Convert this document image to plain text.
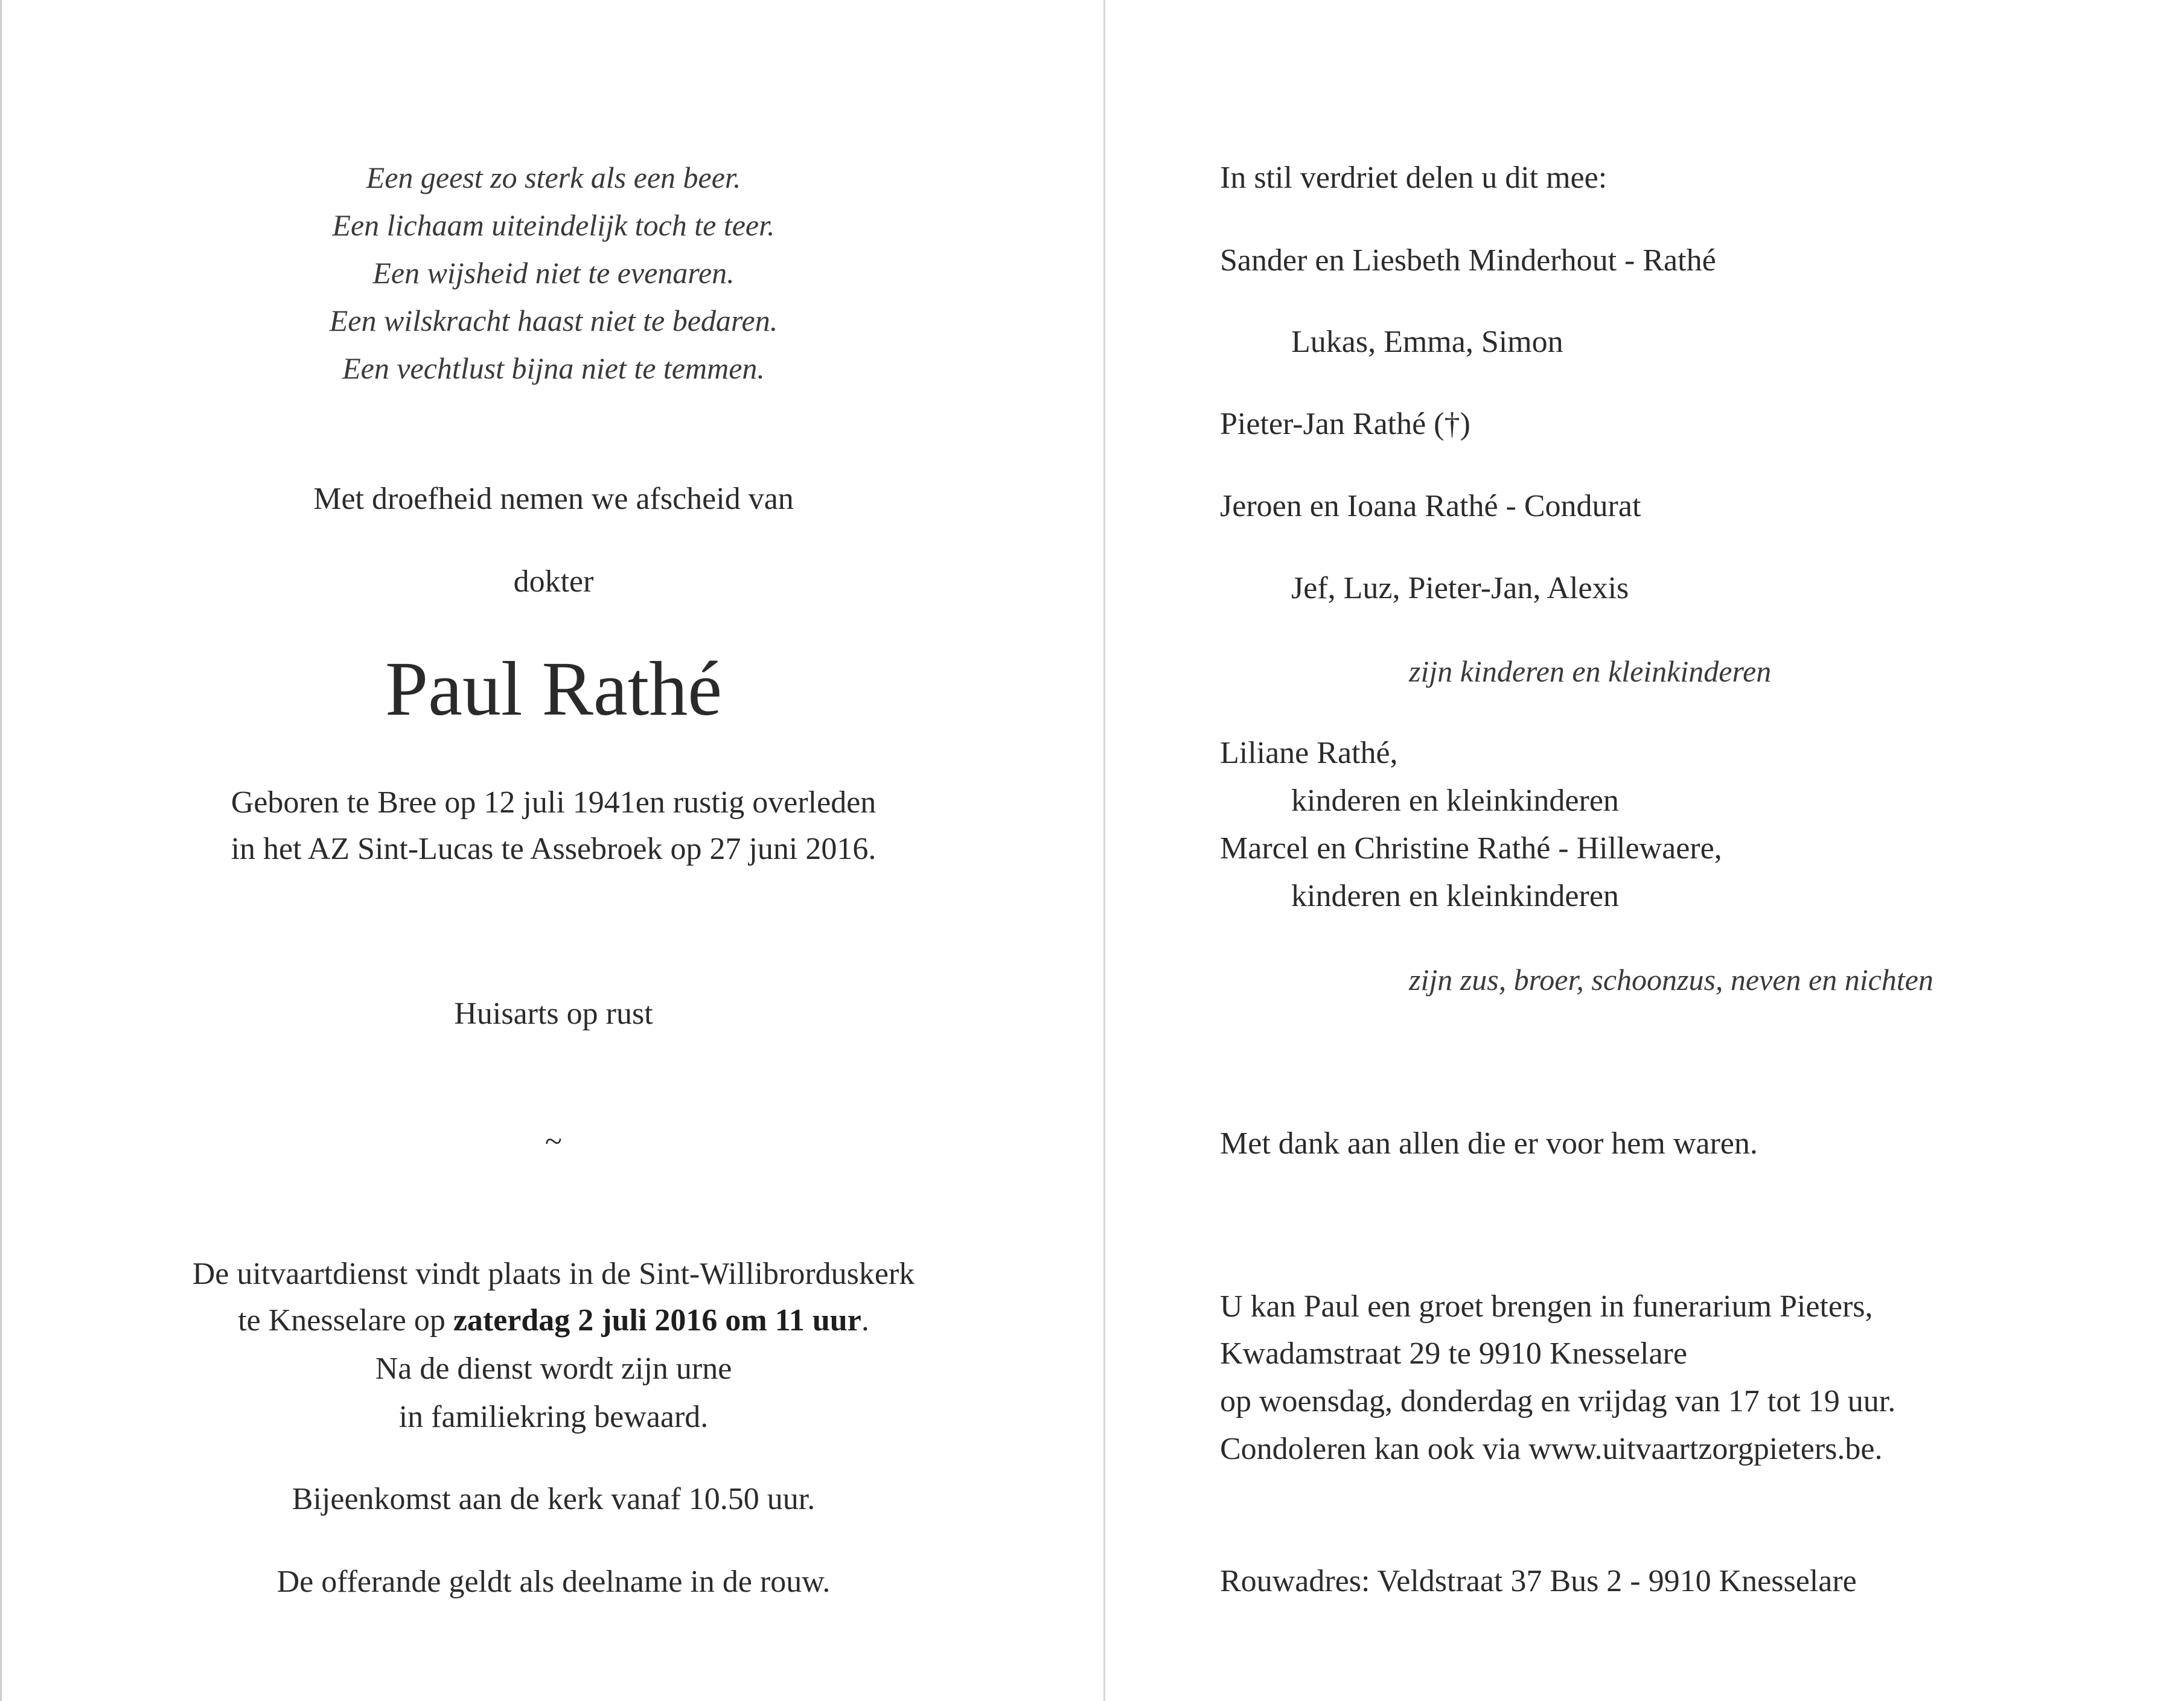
Een geest zo sterk als een beer.
Een lichaam uiteindelijk toch te teer.
Een wijsheid niet te evenaren.
Een wilskracht haast niet te bedaren.
Een vechtlust bijna niet te temmen.
Met droefheid nemen we afscheid van
dokter
Paul Rathé
Geboren te Bree op 12 juli 1941en rustig overleden
in het AZ Sint-Lucas te Assebroek op 27 juni 2016.
Huisarts op rust
~
De uitvaartdienst vindt plaats in de Sint-Willibrorduskerk
te Knesselare op zaterdag 2 juli 2016 om 11 uur.
Na de dienst wordt zijn urne
in familiekring bewaard.
Bijeenkomst aan de kerk vanaf 10.50 uur.
De offerande geldt als deelname in de rouw.
In stil verdriet delen u dit mee:
Sander en Liesbeth Minderhout - Rathé
Lukas, Emma, Simon
Pieter-Jan Rathé (†)
Jeroen en Ioana Rathé - Condurat
Jef, Luz, Pieter-Jan, Alexis
zijn kinderen en kleinkinderen
Liliane Rathé,
kinderen en kleinkinderen
Marcel en Christine Rathé - Hillewaere,
kinderen en kleinkinderen
zijn zus, broer, schoonzus, neven en nichten
Met dank aan allen die er voor hem waren.
U kan Paul een groet brengen in funerarium Pieters,
Kwadamstraat 29 te 9910 Knesselare
op woensdag, donderdag en vrijdag van 17 tot 19 uur.
Condoleren kan ook via www.uitvaartzorgpieters.be.
Rouwadres: Veldstraat 37 Bus 2 - 9910 Knesselare
